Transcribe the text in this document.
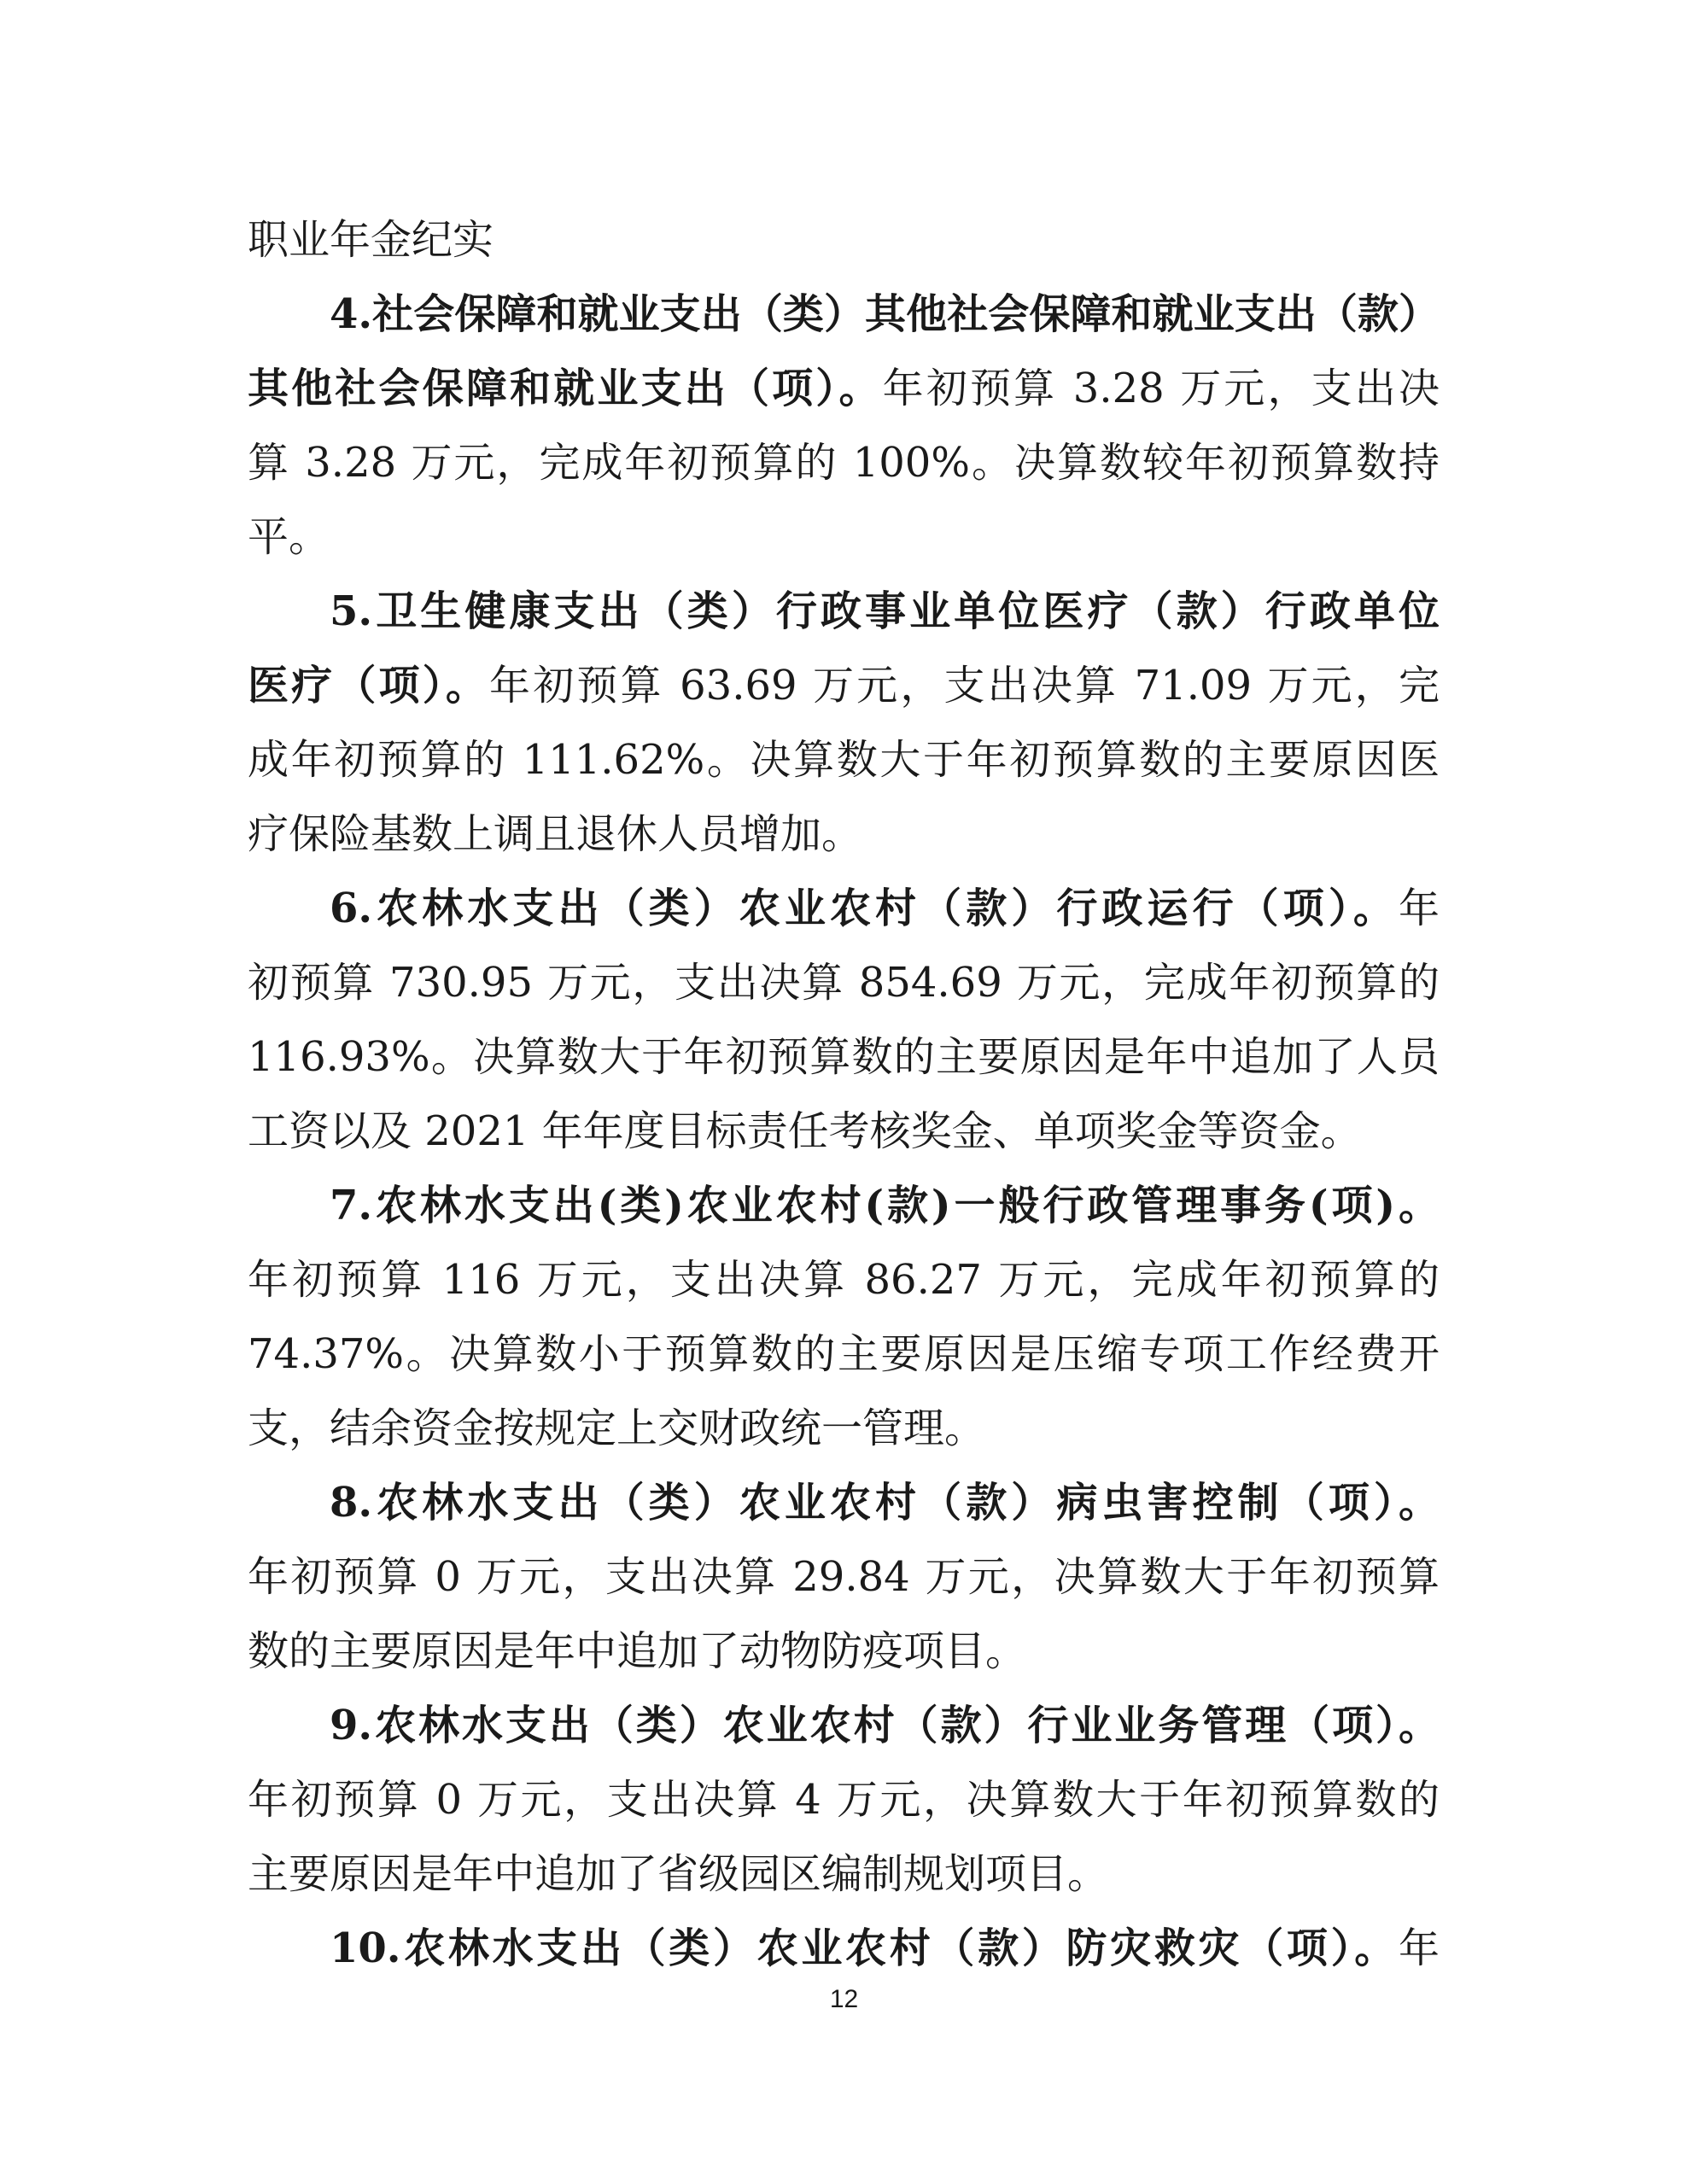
职业年金纪实
4.社会保障和就业支出（类）其他社会保障和就业支出（款）
其他社会保障和就业支出（项）。年初预算 3.28 万元，支出决
算 3.28 万元，完成年初预算的 100%。决算数较年初预算数持
平。
5.卫生健康支出（类）行政事业单位医疗（款）行政单位
医疗（项）。年初预算 63.69 万元，支出决算 71.09 万元，完
成年初预算的 111.62%。决算数大于年初预算数的主要原因医
疗保险基数上调且退休人员增加。
6.农林水支出（类）农业农村（款）行政运行（项）。年
初预算 730.95 万元，支出决算 854.69 万元，完成年初预算的
116.93%。决算数大于年初预算数的主要原因是年中追加了人员
工资以及 2021 年年度目标责任考核奖金、单项奖金等资金。
7.农林水支出(类)农业农村(款)一般行政管理事务(项)。
年初预算 116 万元，支出决算 86.27 万元，完成年初预算的
74.37%。决算数小于预算数的主要原因是压缩专项工作经费开
支，结余资金按规定上交财政统一管理。
8.农林水支出（类）农业农村（款）病虫害控制（项）。
年初预算 0 万元，支出决算 29.84 万元，决算数大于年初预算
数的主要原因是年中追加了动物防疫项目。
9.农林水支出（类）农业农村（款）行业业务管理（项）。
年初预算 0 万元，支出决算 4 万元，决算数大于年初预算数的
主要原因是年中追加了省级园区编制规划项目。
10.农林水支出（类）农业农村（款）防灾救灾（项）。年
12
